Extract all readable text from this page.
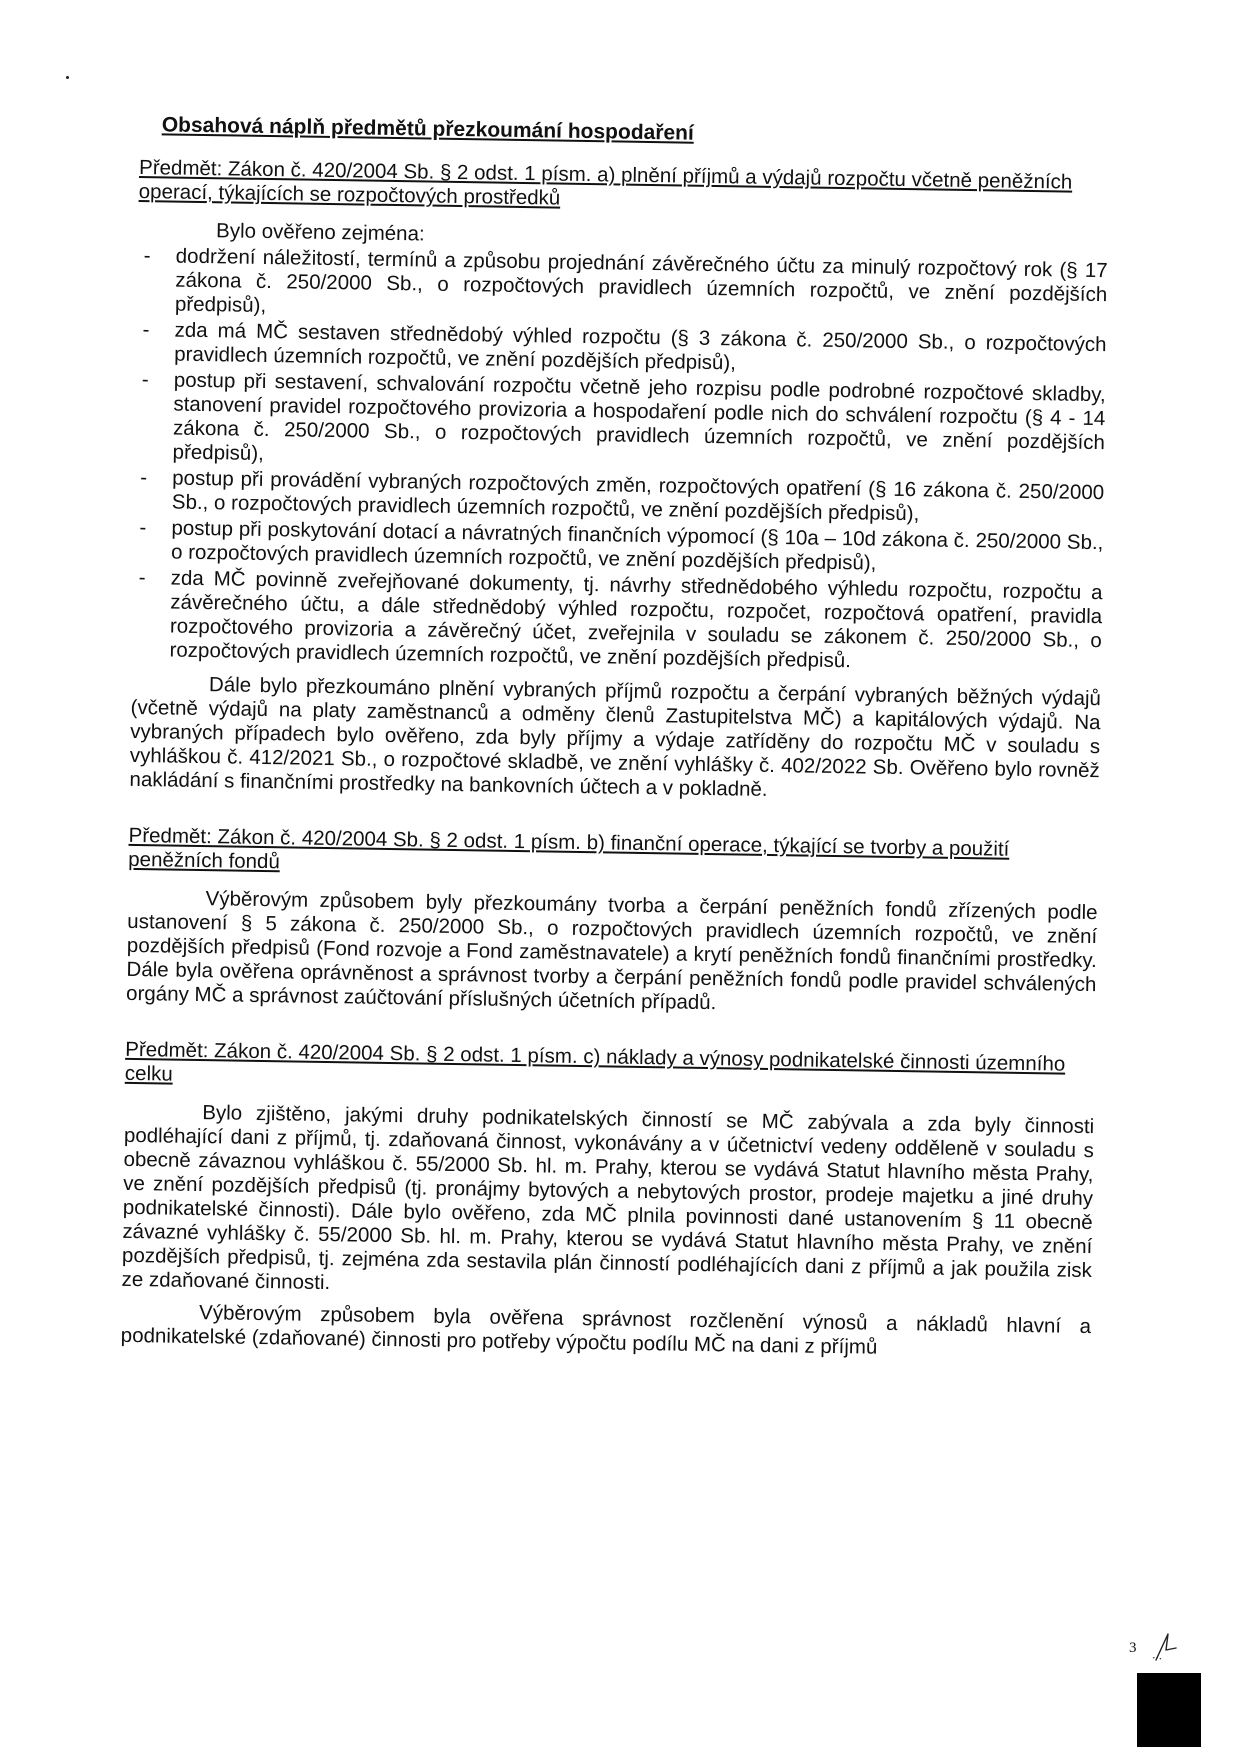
Obsahová náplň předmětů přezkoumání hospodaření
Předmět: Zákon č. 420/2004 Sb. § 2 odst. 1 písm. a) plnění příjmů a výdajů rozpočtu včetně peněžních operací, týkajících se rozpočtových prostředků
Bylo ověřeno zejména:
- dodržení náležitostí, termínů a způsobu projednání závěrečného účtu za minulý rozpočtový rok (§ 17 zákona č. 250/2000 Sb., o rozpočtových pravidlech územních rozpočtů, ve znění pozdějších předpisů),
- zda má MČ sestaven střednědobý výhled rozpočtu (§ 3 zákona č. 250/2000 Sb., o rozpočtových pravidlech územních rozpočtů, ve znění pozdějších předpisů),
- postup při sestavení, schvalování rozpočtu včetně jeho rozpisu podle podrobné rozpočtové skladby, stanovení pravidel rozpočtového provizoria a hospodaření podle nich do schválení rozpočtu (§ 4 - 14 zákona č. 250/2000 Sb., o rozpočtových pravidlech územních rozpočtů, ve znění pozdějších předpisů),
- postup při provádění vybraných rozpočtových změn, rozpočtových opatření (§ 16 zákona č. 250/2000 Sb., o rozpočtových pravidlech územních rozpočtů, ve znění pozdějších předpisů),
- postup při poskytování dotací a návratných finančních výpomocí (§ 10a – 10d zákona č. 250/2000 Sb., o rozpočtových pravidlech územních rozpočtů, ve znění pozdějších předpisů),
- zda MČ povinně zveřejňované dokumenty, tj. návrhy střednědobého výhledu rozpočtu, rozpočtu a závěrečného účtu, a dále střednědobý výhled rozpočtu, rozpočet, rozpočtová opatření, pravidla rozpočtového provizoria a závěrečný účet, zveřejnila v souladu se zákonem č. 250/2000 Sb., o rozpočtových pravidlech územních rozpočtů, ve znění pozdějších předpisů.

Dále bylo přezkoumáno plnění vybraných příjmů rozpočtu a čerpání vybraných běžných výdajů (včetně výdajů na platy zaměstnanců a odměny členů Zastupitelstva MČ) a kapitálových výdajů. Na vybraných případech bylo ověřeno, zda byly příjmy a výdaje zatříděny do rozpočtu MČ v souladu s vyhláškou č. 412/2021 Sb., o rozpočtové skladbě, ve znění vyhlášky č. 402/2022 Sb. Ověřeno bylo rovněž nakládání s finančními prostředky na bankovních účtech a v pokladně.

Předmět: Zákon č. 420/2004 Sb. § 2 odst. 1 písm. b) finanční operace, týkající se tvorby a použití peněžních fondů

Výběrovým způsobem byly přezkoumány tvorba a čerpání peněžních fondů zřízených podle ustanovení § 5 zákona č. 250/2000 Sb., o rozpočtových pravidlech územních rozpočtů, ve znění pozdějších předpisů (Fond rozvoje a Fond zaměstnavatele) a krytí peněžních fondů finančními prostředky. Dále byla ověřena oprávněnost a správnost tvorby a čerpání peněžních fondů podle pravidel schválených orgány MČ a správnost zaúčtování příslušných účetních případů.

Předmět: Zákon č. 420/2004 Sb. § 2 odst. 1 písm. c) náklady a výnosy podnikatelské činnosti územního celku

Bylo zjištěno, jakými druhy podnikatelských činností se MČ zabývala a zda byly činnosti podléhající dani z příjmů, tj. zdaňovaná činnost, vykonávány a v účetnictví vedeny odděleně v souladu s obecně závaznou vyhláškou č. 55/2000 Sb. hl. m. Prahy, kterou se vydává Statut hlavního města Prahy, ve znění pozdějších předpisů (tj. pronájmy bytových a nebytových prostor, prodeje majetku a jiné druhy podnikatelské činnosti). Dále bylo ověřeno, zda MČ plnila povinnosti dané ustanovením § 11 obecně závazné vyhlášky č. 55/2000 Sb. hl. m. Prahy, kterou se vydává Statut hlavního města Prahy, ve znění pozdějších předpisů, tj. zejména zda sestavila plán činností podléhajících dani z příjmů a jak použila zisk ze zdaňované činnosti.

Výběrovým způsobem byla ověřena správnost rozčlenění výnosů a nákladů hlavní a podnikatelské (zdaňované) činnosti pro potřeby výpočtu podílu MČ na dani z příjmů

3
